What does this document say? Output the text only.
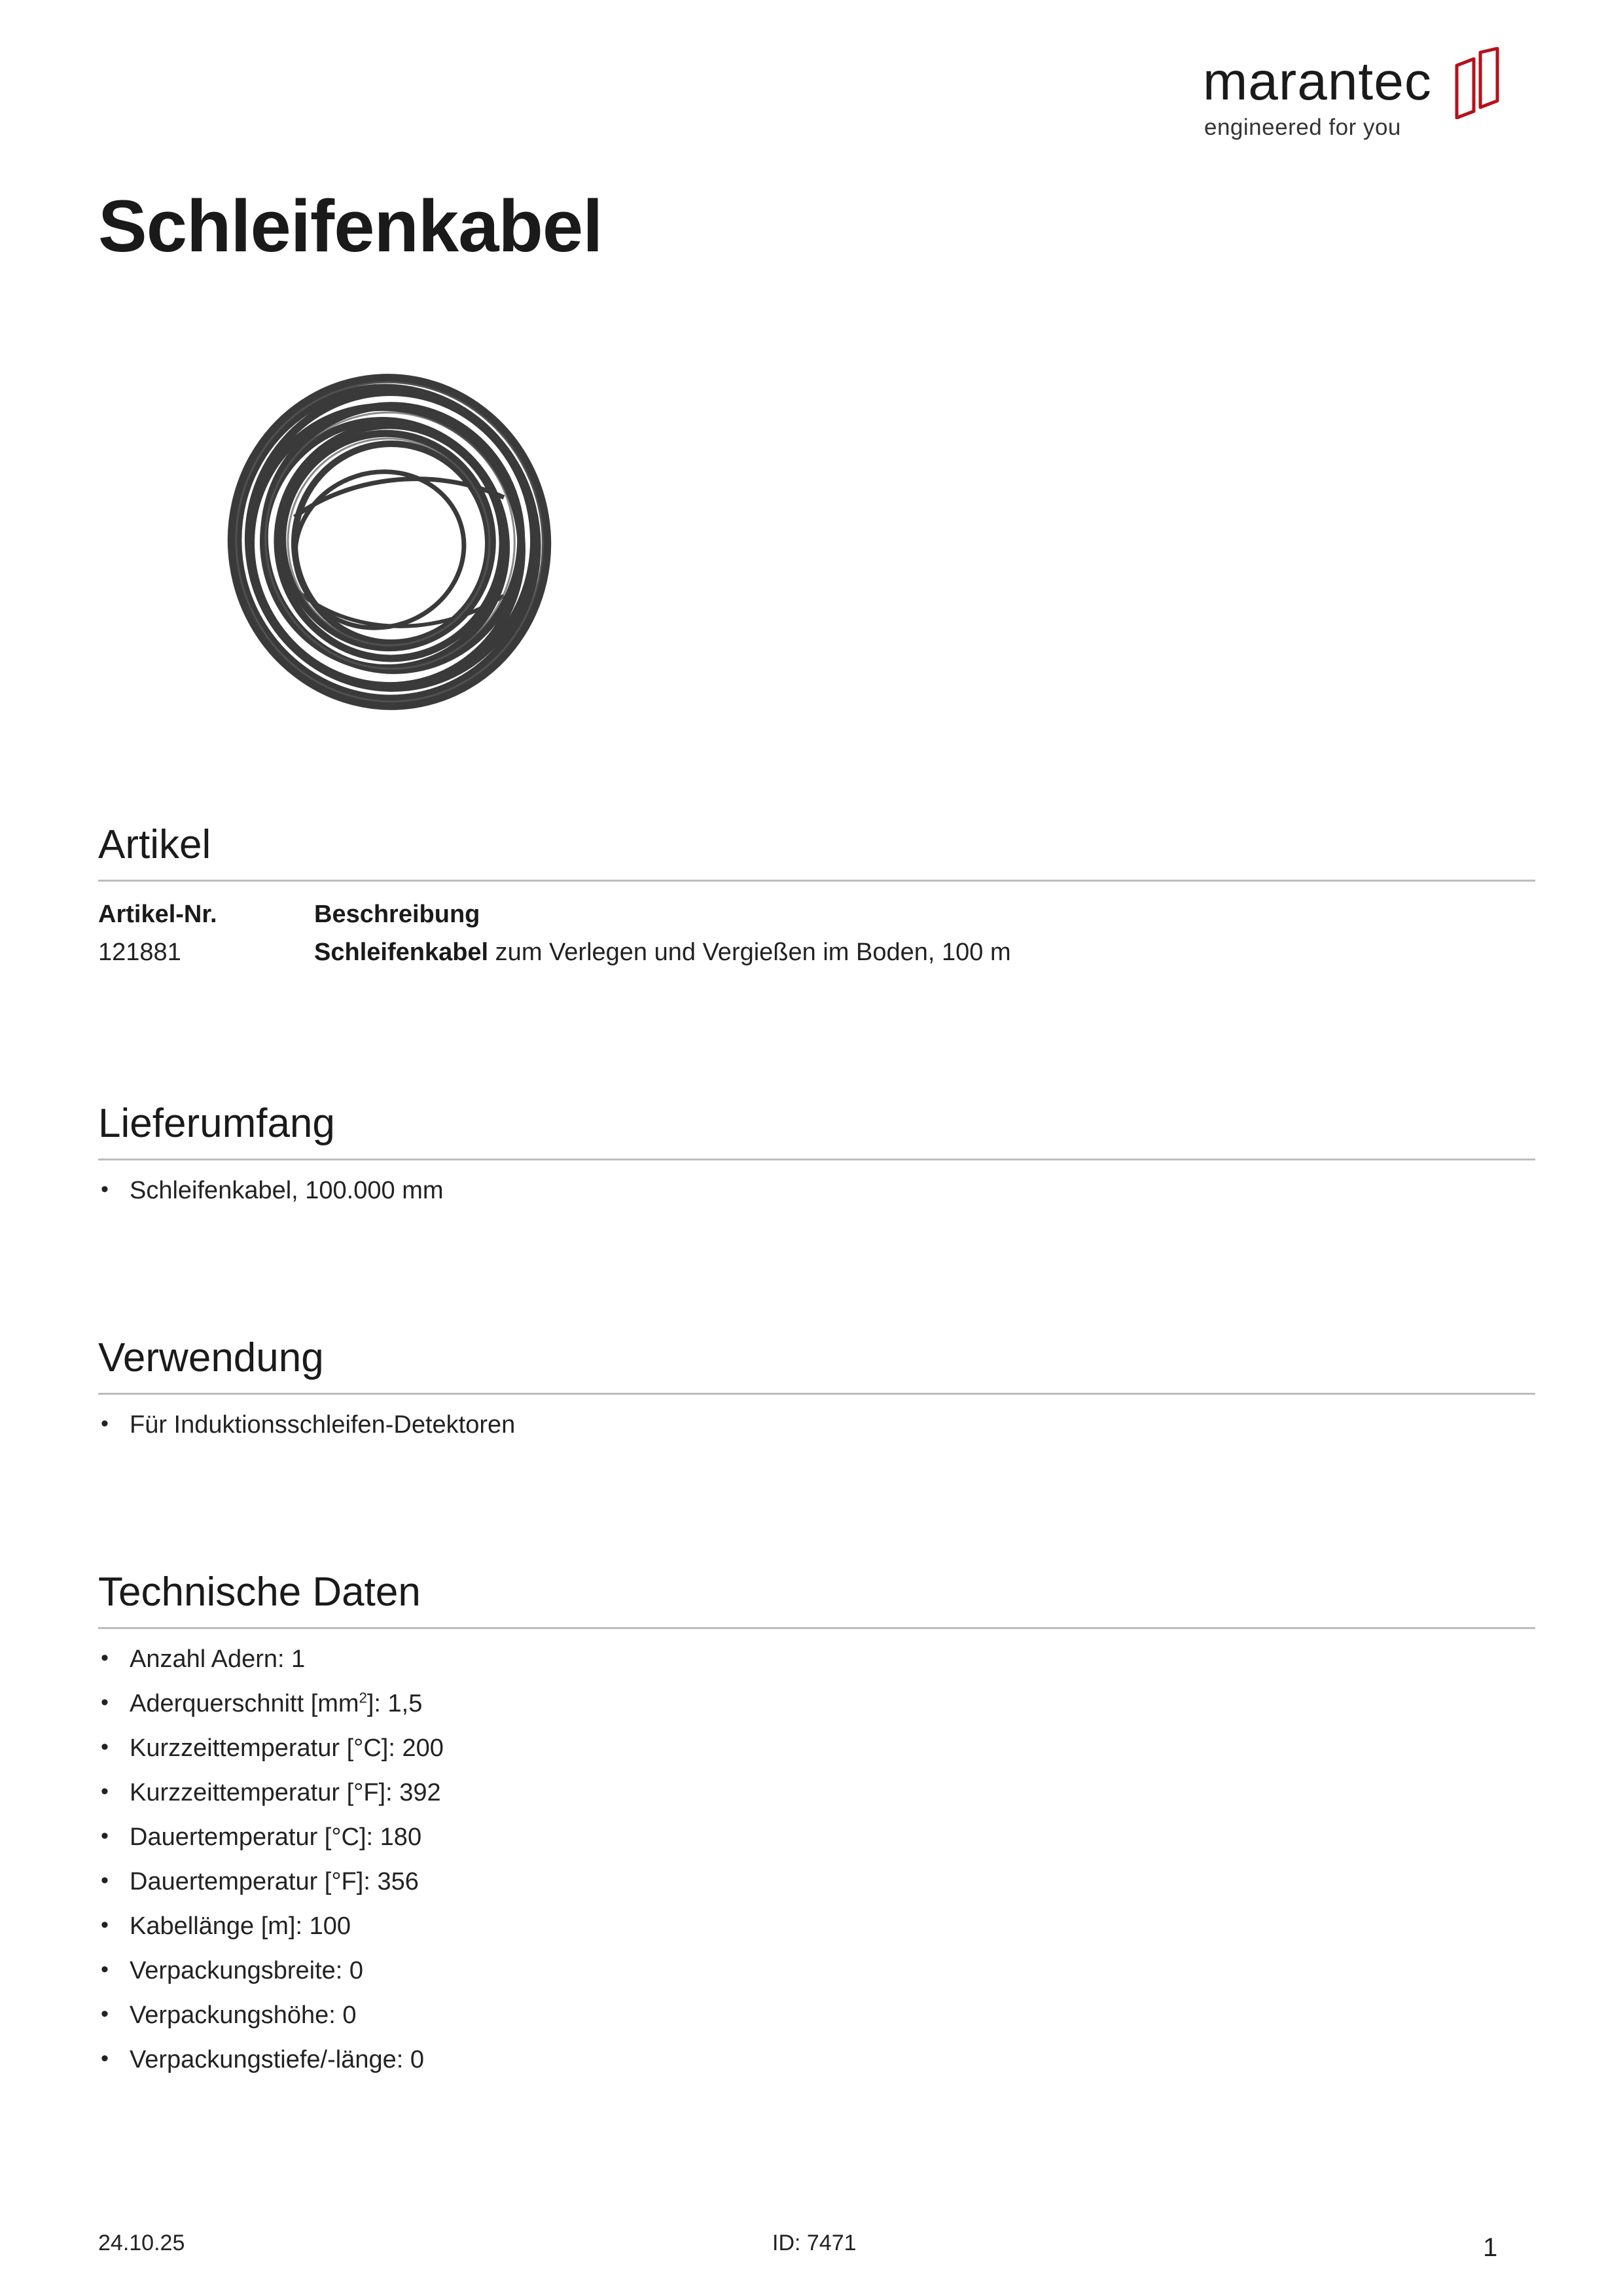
marantec
engineered for you
Schleifenkabel
Artikel
Artikel-Nr.	Beschreibung
121881	Schleifenkabel zum Verlegen und Vergießen im Boden, 100 m
Lieferumfang
• Schleifenkabel, 100.000 mm
Verwendung
• Für Induktionsschleifen-Detektoren
Technische Daten
• Anzahl Adern: 1
• Aderquerschnitt $[mm^2]$: 1,5
• Kurzzeittemperatur [°C]: 200
• Kurzzeittemperatur [°F]: 392
• Dauertemperatur [°C]: 180
• Dauertemperatur [°F]: 356
• Kabellänge [m]: 100
• Verpackungsbreite: 0
• Verpackungshöhe: 0
• Verpackungstiefe/-länge: 0
24.10.25	ID: 7471	1
